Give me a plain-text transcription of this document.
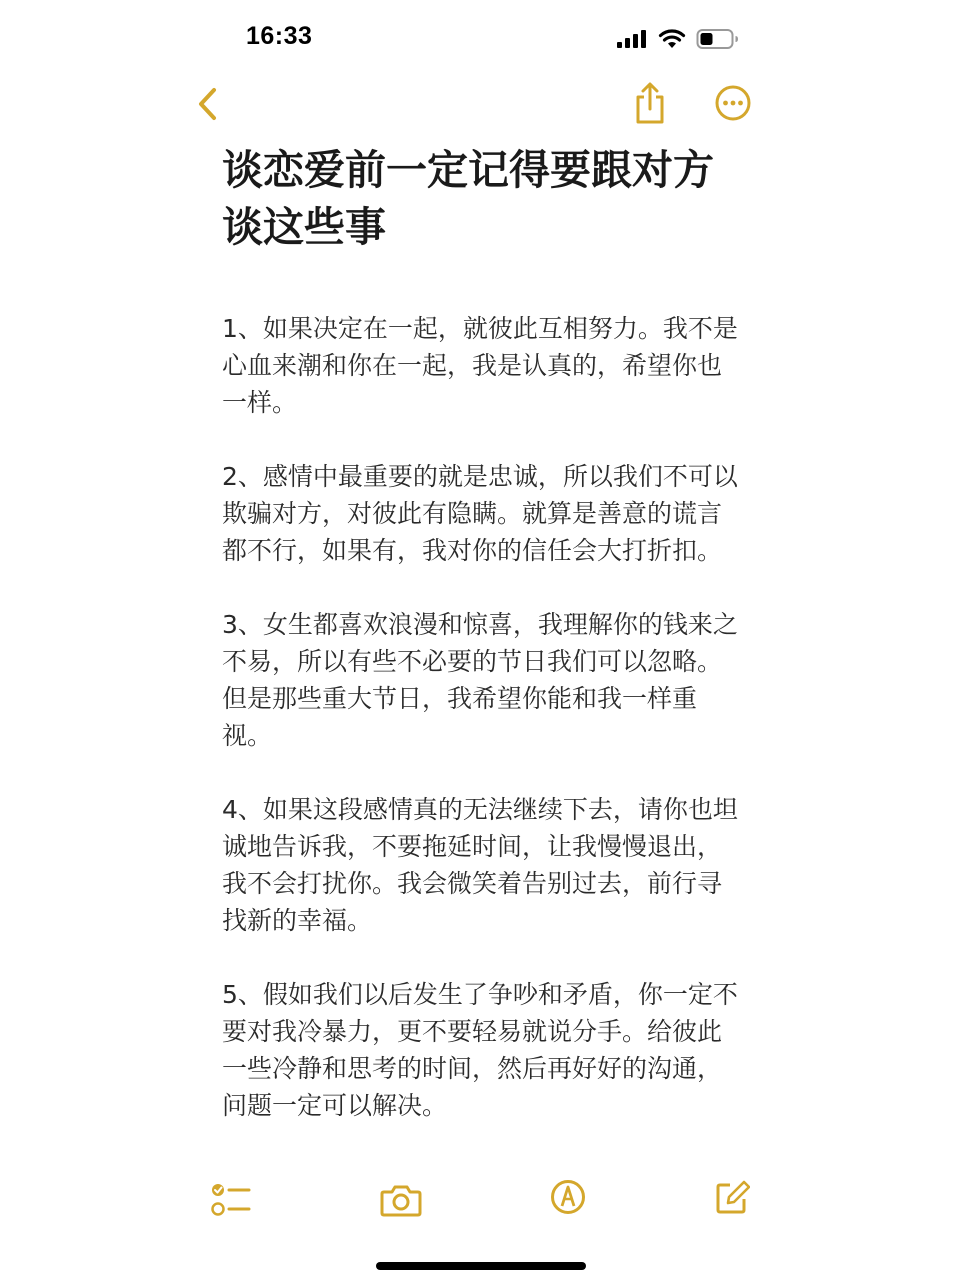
16:33
谈恋爱前一定记得要跟对方谈这些事

1、如果决定在一起，就彼此互相努力。我不是心血来潮和你在一起，我是认真的，希望你也一样。

2、感情中最重要的就是忠诚，所以我们不可以欺骗对方，对彼此有隐瞒。就算是善意的谎言都不行，如果有，我对你的信任会大打折扣。

3、女生都喜欢浪漫和惊喜，我理解你的钱来之不易，所以有些不必要的节日我们可以忽略。但是那些重大节日，我希望你能和我一样重视。

4、如果这段感情真的无法继续下去，请你也坦诚地告诉我，不要拖延时间，让我慢慢退出，我不会打扰你。我会微笑着告别过去，前行寻找新的幸福。

5、假如我们以后发生了争吵和矛盾，你一定不要对我冷暴力，更不要轻易就说分手。给彼此一些冷静和思考的时间，然后再好好的沟通，问题一定可以解决。
